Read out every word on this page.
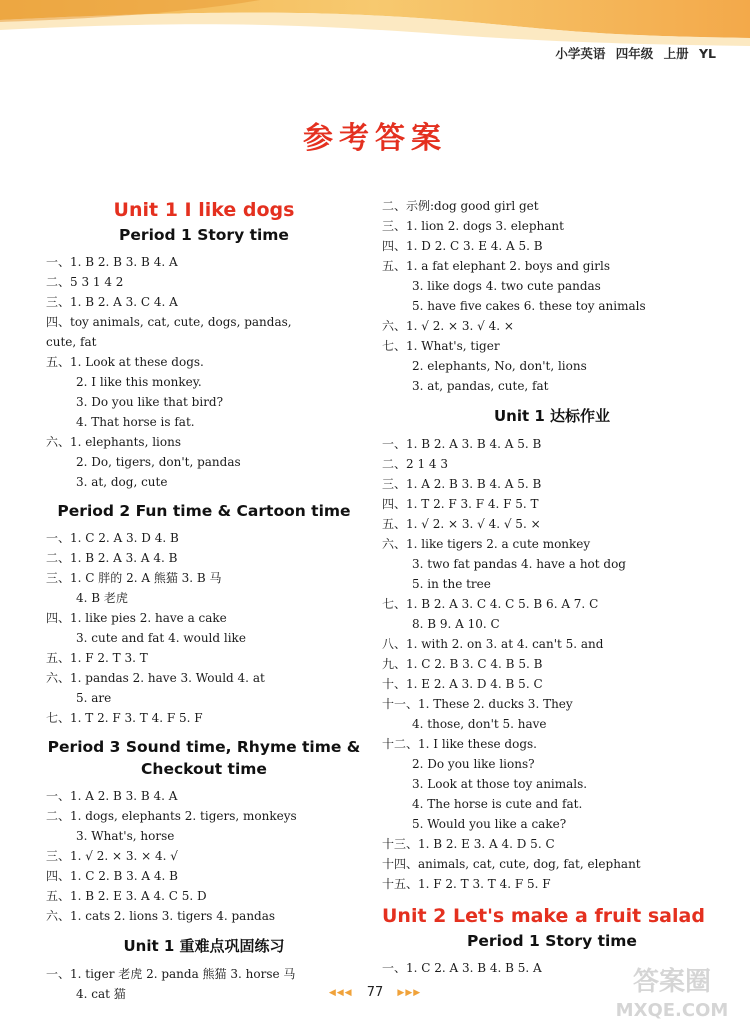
小学英语 四年级 上册 YL
参考答案
Unit 1 I like dogs
Period 1 Story time
一、1. B 2. B 3. B 4. A
二、5 3 1 4 2
三、1. B 2. A 3. C 4. A
四、toy animals, cat, cute, dogs, pandas,
cute, fat
五、1. Look at these dogs.
2. I like this monkey.
3. Do you like that bird?
4. That horse is fat.
六、1. elephants, lions
2. Do, tigers, don't, pandas
3. at, dog, cute
Period 2 Fun time & Cartoon time
一、1. C 2. A 3. D 4. B
二、1. B 2. A 3. A 4. B
三、1. C 胖的 2. A 熊猫 3. B 马
4. B 老虎
四、1. like pies 2. have a cake
3. cute and fat 4. would like
五、1. F 2. T 3. T
六、1. pandas 2. have 3. Would 4. at
5. are
七、1. T 2. F 3. T 4. F 5. F
Period 3 Sound time, Rhyme time &
Checkout time
一、1. A 2. B 3. B 4. A
二、1. dogs, elephants 2. tigers, monkeys
3. What's, horse
三、1. √ 2. × 3. × 4. √
四、1. C 2. B 3. A 4. B
五、1. B 2. E 3. A 4. C 5. D
六、1. cats 2. lions 3. tigers 4. pandas
Unit 1 重难点巩固练习
一、1. tiger 老虎 2. panda 熊猫 3. horse 马
4. cat 猫
二、示例:dog good girl get
三、1. lion 2. dogs 3. elephant
四、1. D 2. C 3. E 4. A 5. B
五、1. a fat elephant 2. boys and girls
3. like dogs 4. two cute pandas
5. have five cakes 6. these toy animals
六、1. √ 2. × 3. √ 4. ×
七、1. What's, tiger
2. elephants, No, don't, lions
3. at, pandas, cute, fat
Unit 1 达标作业
一、1. B 2. A 3. B 4. A 5. B
二、2 1 4 3
三、1. A 2. B 3. B 4. A 5. B
四、1. T 2. F 3. F 4. F 5. T
五、1. √ 2. × 3. √ 4. √ 5. ×
六、1. like tigers 2. a cute monkey
3. two fat pandas 4. have a hot dog
5. in the tree
七、1. B 2. A 3. C 4. C 5. B 6. A 7. C
8. B 9. A 10. C
八、1. with 2. on 3. at 4. can't 5. and
九、1. C 2. B 3. C 4. B 5. B
十、1. E 2. A 3. D 4. B 5. C
十一、1. These 2. ducks 3. They
4. those, don't 5. have
十二、1. I like these dogs.
2. Do you like lions?
3. Look at those toy animals.
4. The horse is cute and fat.
5. Would you like a cake?
十三、1. B 2. E 3. A 4. D 5. C
十四、animals, cat, cute, dog, fat, elephant
十五、1. F 2. T 3. T 4. F 5. F
Unit 2 Let's make a fruit salad
Period 1 Story time
一、1. C 2. A 3. B 4. B 5. A
◀◀◀ 77 ▶▶▶	答案圈
MXQE.COM
